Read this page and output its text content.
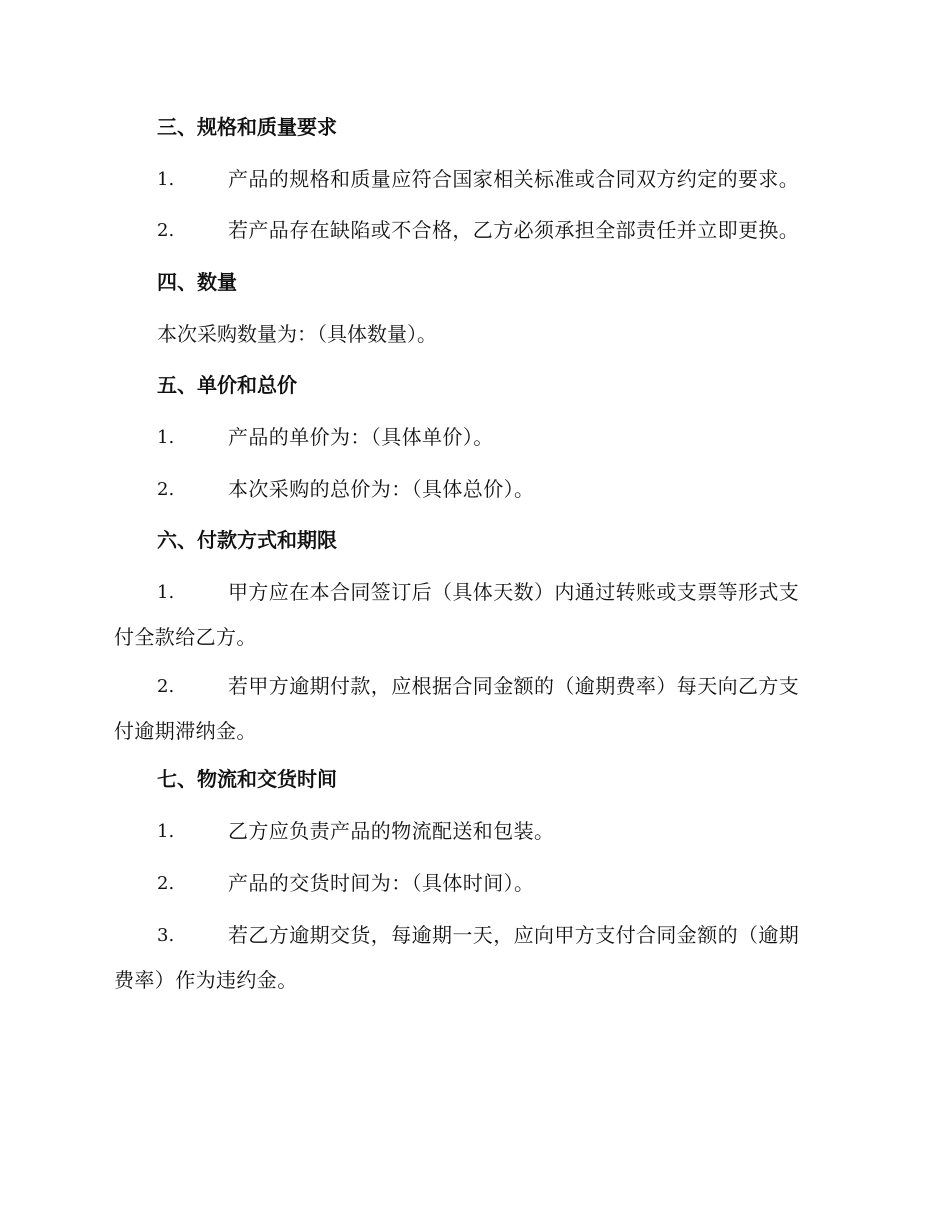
三、规格和质量要求
1.	产品的规格和质量应符合国家相关标准或合同双方约定的要求。
2.	若产品存在缺陷或不合格，乙方必须承担全部责任并立即更换。
四、数量
本次采购数量为：（具体数量）。
五、单价和总价
1.	产品的单价为：（具体单价）。
2.	本次采购的总价为：（具体总价）。
六、付款方式和期限
1.	甲方应在本合同签订后（具体天数）内通过转账或支票等形式支
付全款给乙方。
2.	若甲方逾期付款，应根据合同金额的（逾期费率）每天向乙方支
付逾期滞纳金。
七、物流和交货时间
1.	乙方应负责产品的物流配送和包装。
2.	产品的交货时间为：（具体时间）。
3.	若乙方逾期交货，每逾期一天，应向甲方支付合同金额的（逾期
费率）作为违约金。
